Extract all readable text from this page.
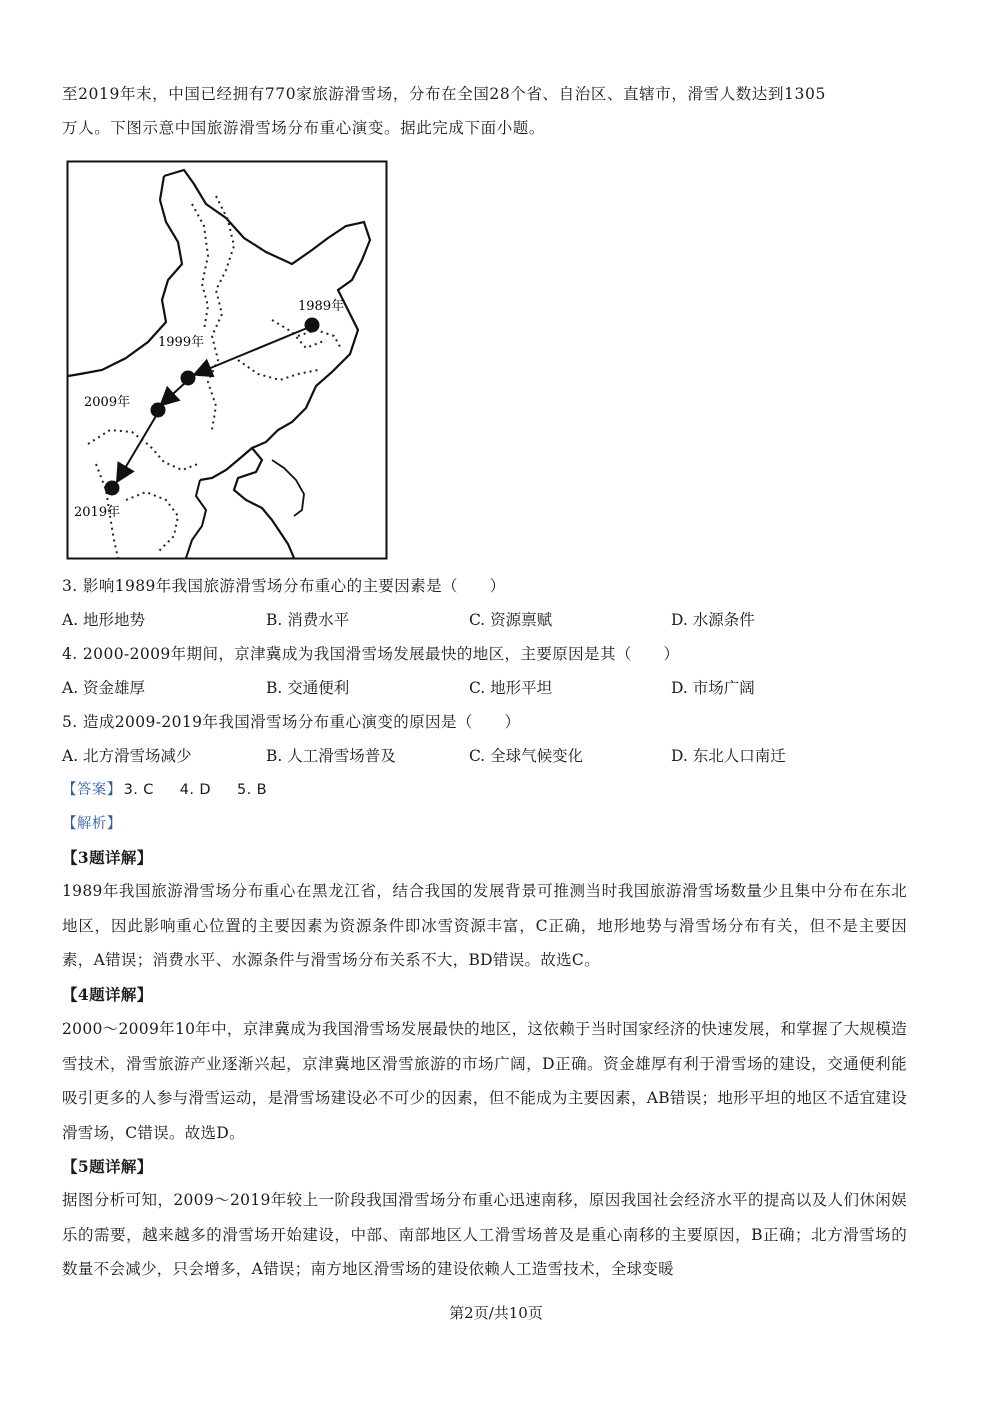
至2019年末，中国已经拥有770家旅游滑雪场，分布在全国28个省、自治区、直辖市，滑雪人数达到1305
万人。下图示意中国旅游滑雪场分布重心演变。据此完成下面小题。
1989年
1999年
2009年
2019年
3. 影响1989年我国旅游滑雪场分布重心的主要因素是（　　）
A. 地形地势	B. 消费水平	C. 资源禀赋	D. 水源条件
4. 2000-2009年期间，京津冀成为我国滑雪场发展最快的地区，主要原因是其（　　）
A. 资金雄厚	B. 交通便利	C. 地形平坦	D. 市场广阔
5. 造成2009-2019年我国滑雪场分布重心演变的原因是（　　）
A. 北方滑雪场减少	B. 人工滑雪场普及	C. 全球气候变化	D. 东北人口南迁
【答案】 3. C 4. D 5. B
【解析】
【3题详解】
1989年我国旅游滑雪场分布重心在黑龙江省，结合我国的发展背景可推测当时我国旅游滑雪场数量少且集中分布在东北地区，因此影响重心位置的主要因素为资源条件即冰雪资源丰富，C正确，地形地势与滑雪场分布有关，但不是主要因素，A错误；消费水平、水源条件与滑雪场分布关系不大，BD错误。故选C。
【4题详解】
2000～2009年10年中，京津冀成为我国滑雪场发展最快的地区，这依赖于当时国家经济的快速发展，和掌握了大规模造雪技术，滑雪旅游产业逐渐兴起，京津冀地区滑雪旅游的市场广阔，D正确。资金雄厚有利于滑雪场的建设，交通便利能吸引更多的人参与滑雪运动，是滑雪场建设必不可少的因素，但不能成为主要因素，AB错误；地形平坦的地区不适宜建设滑雪场，C错误。故选D。
【5题详解】
据图分析可知，2009～2019年较上一阶段我国滑雪场分布重心迅速南移，原因我国社会经济水平的提高以及人们休闲娱乐的需要，越来越多的滑雪场开始建设，中部、南部地区人工滑雪场普及是重心南移的主要原因，B正确；北方滑雪场的数量不会减少，只会增多，A错误；南方地区滑雪场的建设依赖人工造雪技术，全球变暖
第2页/共10页
